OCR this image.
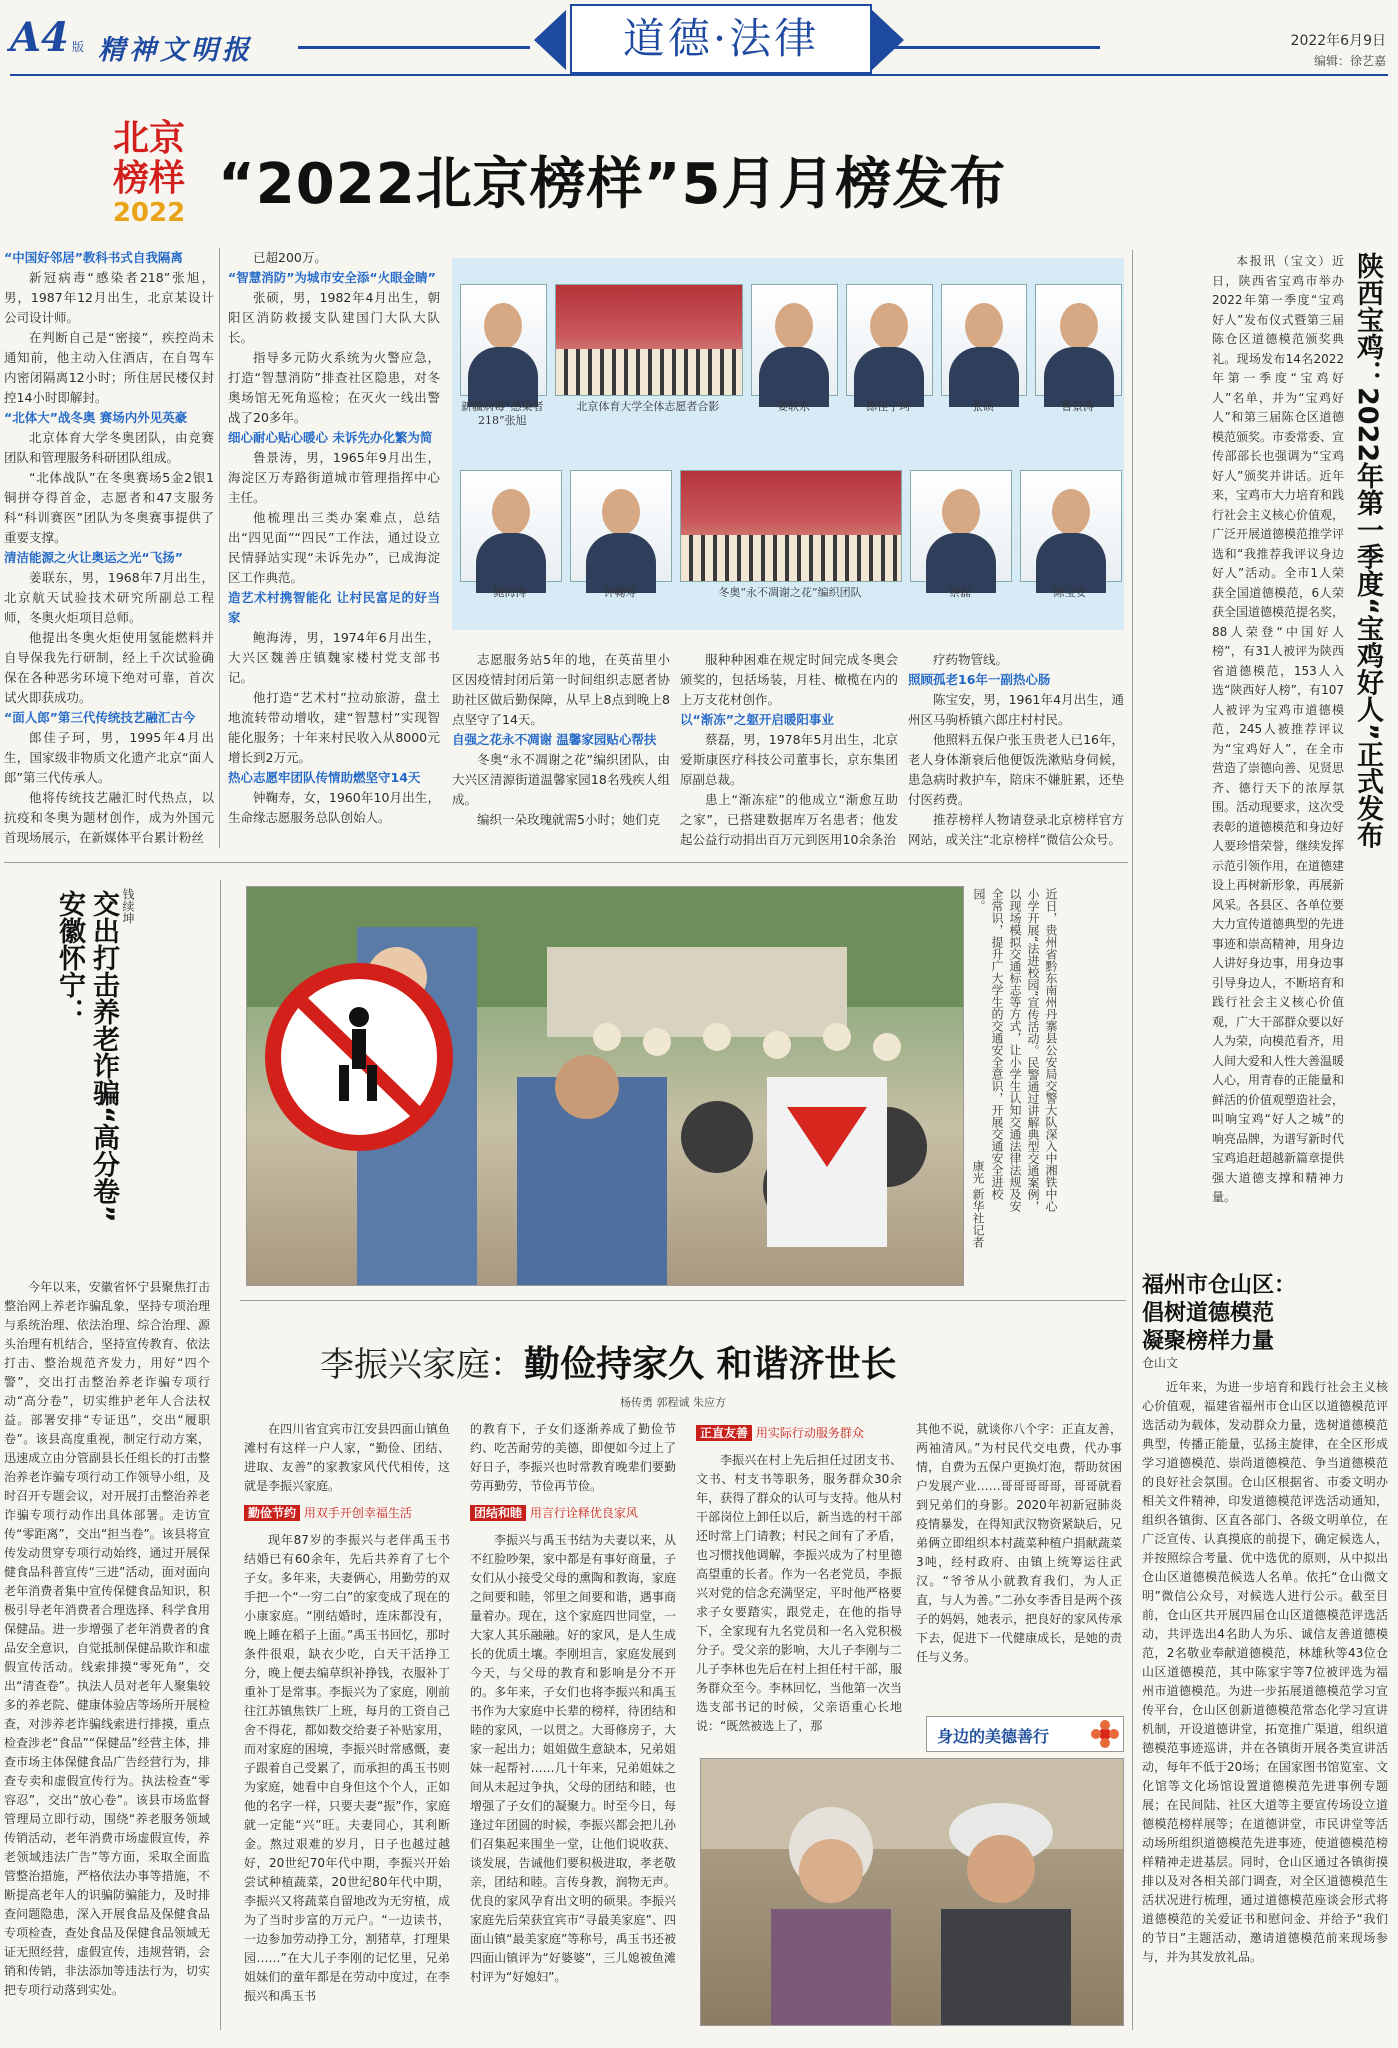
A4 版 精神文明报	道德·法律	2022年6月9日
编辑：徐艺嘉
北京
榜样
2022 “2022北京榜样”5月月榜发布

“中国好邻居”教科书式自我隔离

新冠病毒“感染者218”张旭，男，1987年12月出生，北京某设计公司设计师。

在判断自己是“密接”，疾控尚未通知前，他主动入住酒店，在自驾车内密闭隔离12小时；所住居民楼仅封控14小时即解封。

“北体大”战冬奥 赛场内外见英豪

北京体育大学冬奥团队，由竞赛团队和管理服务科研团队组成。

“北体战队”在冬奥赛场5金2银1铜拼夺得首金，志愿者和47支服务科“科训赛医”团队为冬奥赛事提供了重要支撑。

清洁能源之火让奥运之光“飞扬”

姜联东，男，1968年7月出生，北京航天试验技术研究所副总工程师，冬奥火炬项目总师。

他提出冬奥火炬使用氢能燃料并自导保我先行研制，经上千次试验确保在各种恶劣环境下绝对可靠，首次试火即获成功。

“面人郎”第三代传统技艺融汇古今

郎佳子珂，男，1995年4月出生，国家级非物质文化遗产北京“面人郎”第三代传承人。

他将传统技艺融汇时代热点，以抗疫和冬奥为题材创作，成为外国元首现场展示，在新媒体平台累计粉丝

已超200万。

“智慧消防”为城市安全添“火眼金睛”

张硕，男，1982年4月出生，朝阳区消防救援支队建国门大队大队长。

指导多元防火系统为火警应急，打造“智慧消防”排查社区隐患，对冬奥场馆无死角巡检；在灭火一线出警战了20多年。

细心耐心贴心暖心 未诉先办化繁为简

鲁景涛，男，1965年9月出生，海淀区万寿路街道城市管理指挥中心主任。

他梳理出三类办案难点，总结出“四见面”“四民”工作法，通过设立民情驿站实现“未诉先办”，已成海淀区工作典范。

造艺术村携智能化 让村民富足的好当家

鲍海涛，男，1974年6月出生，大兴区魏善庄镇魏家楼村党支部书记。

他打造“艺术村”拉动旅游，盘土地流转带动增收，建“智慧村”实现智能化服务；十年来村民收入从8000元增长到2万元。

热心志愿牢团队传情助燃坚守14天

钟鞠寿，女，1960年10月出生，生命缘志愿服务总队创始人。

新疆病毒“感染者218”张旭
北京体育大学全体志愿者合影	姜联东	郎佳子珂	张硕	鲁景涛
鲍海涛	钟鞠寿	冬奥“永不凋谢之花”编织团队	蔡磊	陈宝安

志愿服务站5年的地，在英苗里小区因疫情封闭后第一时间组织志愿者协助社区做后勤保障，从早上8点到晚上8点坚守了14天。

自强之花永不凋谢 温馨家园贴心帮扶

冬奥“永不凋谢之花”编织团队，由大兴区清源街道温馨家园18名残疾人组成。

编织一朵玫瑰就需5小时；她们克

服种种困难在规定时间完成冬奥会颁奖的，包括场装，月桂、橄榄在内的上万支花材创作。

以“渐冻”之躯开启暖阳事业

蔡磊，男，1978年5月出生，北京爱斯康医疗科技公司董事长，京东集团原副总裁。

患上“渐冻症”的他成立“渐愈互助之家”，已搭建数据库万名患者；他发起公益行动捐出百万元到医用10余条治

疗药物管线。

照顾孤老16年一副热心肠

陈宝安，男，1961年4月出生，通州区马驹桥镇六郎庄村村民。

他照料五保户张玉贵老人已16年，老人身体渐衰后他便饭洗漱贴身伺候，患急病时救护车，陪床不嫌脏累，还垫付医药费。

推荐榜样人物请登录北京榜样官方网站，或关注“北京榜样”微信公众号。	陕西宝鸡：2022年第一季度“宝鸡好人”正式发布

本报讯（宝文）近日，陕西省宝鸡市举办2022年第一季度“宝鸡好人”发布仪式暨第三届陈仓区道德模范颁奖典礼。现场发布14名2022年第一季度“宝鸡好人”名单，并为“宝鸡好人”和第三届陈仓区道德模范颁奖。市委常委、宣传部部长也强调为“宝鸡好人”颁奖并讲话。近年来，宝鸡市大力培育和践行社会主义核心价值观，广泛开展道德模范推学评选和“我推荐我评议身边好人”活动。全市1人荣获全国道德模范，6人荣获全国道德模范提名奖，88人荣登“中国好人榜”，有31人被评为陕西省道德模范，153人入选“陕西好人榜”，有107人被评为宝鸡市道德模范，245人被推荐评议为“宝鸡好人”，在全市营造了崇德向善、见贤思齐、德行天下的浓厚氛围。活动现要求，这次受表彰的道德模范和身边好人要珍惜荣誉，继续发挥示范引领作用，在道德建设上再树新形象，再展新风采。各县区、各单位要大力宣传道德典型的先进事迹和崇高精神，用身边人讲好身边事，用身边事引导身边人，不断培育和践行社会主义核心价值观，广大干部群众要以好人为荣，向模范看齐，用人间大爱和人性大善温暖人心，用青春的正能量和鲜活的价值观塑造社会，叫响宝鸡“好人之城”的响亮品牌，为谱写新时代宝鸡追赶超越新篇章提供强大道德支撑和精神力量。

钱续坤
安徽怀宁： 交出打击养老诈骗“高分卷”

今年以来，安徽省怀宁县聚焦打击整治网上养老诈骗乱象，坚持专项治理与系统治理、依法治理、综合治理、源头治理有机结合，坚持宣传教育、依法打击、整治规范齐发力，用好“四个警”，交出打击整治养老诈骗专项行动“高分卷”，切实维护老年人合法权益。部署安排“专证迅”，交出“履职卷”。该县高度重视，制定行动方案，迅速成立由分管副县长任组长的打击整治养老诈骗专项行动工作领导小组，及时召开专题会议，对开展打击整治养老诈骗专项行动作出具体部署。走访宣传“零距离”，交出“担当卷”。该县将宣传发动贯穿专项行动始终，通过开展保健食品科普宣传“三进”活动，面对面向老年消费者集中宣传保健食品知识，积极引导老年消费者合理选择、科学食用保健品。进一步增强了老年消费者的食品安全意识，自觉抵制保健品欺诈和虚假宣传活动。线索排摸“零死角”，交出“清查卷”。执法人员对老年人聚集较多的养老院、健康体验店等场所开展检查，对涉养老诈骗线索进行排摸，重点检查涉老“食品”“保健品”经营主体，排查市场主体保健食品广告经营行为，排查专卖和虚假宣传行为。执法检查“零容忍”，交出“放心卷”。该县市场监督管理局立即行动，围绕“养老服务领域传销活动，老年消费市场虚假宣传，养老领域违法广告”等方面，采取全面监管整治措施，严格依法办事等措施，不断提高老年人的识骗防骗能力，及时排查问题隐患，深入开展食品及保健食品专项检查，查处食品及保健食品领域无证无照经营，虚假宣传，违规营销，会销和传销，非法添加等违法行为，切实把专项行动落到实处。

近日，贵州省黔东南州丹寨县公安局交警大队深入中湘铁中心小学开展“法进校园”宣传活动。民警通过讲解典型交通案例，以现场模拟交通标志等方式，让小学生认知交通法律法规及安全常识，提升广大学生的交通安全意识，开展交通安全进校园。
康光 新华社记者
福州市仓山区：
倡树道德模范
凝聚榜样力量
仓山文

近年来，为进一步培育和践行社会主义核心价值观，福建省福州市仓山区以道德模范评选活动为载体，发动群众力量，选树道德模范典型，传播正能量，弘扬主旋律，在全区形成学习道德模范、崇尚道德模范、争当道德模范的良好社会氛围。仓山区根据省、市委文明办相关文件精神，印发道德模范评选活动通知，组织各镇街、区直各部门、各级文明单位，在广泛宣传、认真摸底的前提下，确定候选人，并按照综合考量、优中选优的原则，从中拟出仓山区道德模范候选人名单。依托“仓山微文明”微信公众号，对候选人进行公示。截至目前，仓山区共开展四届仓山区道德模范评选活动，共评选出4名助人为乐、诚信友善道德模范，2名敬业奉献道德模范，林雄秋等43位仓山区道德模范，其中陈家宇等7位被评选为福州市道德模范。为进一步拓展道德模范学习宣传平台，仓山区创新道德模范常态化学习宣讲机制，开设道德讲堂，拓宽推广渠道，组织道德模范事迹巡讲，并在各镇街开展各类宣讲活动，每年不低于20场；在国家图书馆览室、文化馆等文化场馆设置道德模范先进事例专题展；在民间陆、社区大道等主要宣传场设立道德模范榜样展等；在道德讲堂，市民讲堂等活动场所组织道德模范先进事迹，使道德模范榜样精神走进基层。同时，仓山区通过各镇街摸排以及对各相关部门调查，对全区道德模范生活状况进行梳理，通过道德模范座谈会形式将道德模范的关爱证书和慰问金、并给予“我们的节日”主题活动，邀请道德模范前来现场参与，并为其发放礼品。

李振兴家庭：勤俭持家久 和谐济世长
杨传勇 郭程诚 朱应方

在四川省宜宾市江安县四面山镇鱼滩村有这样一户人家，“勤俭、团结、进取、友善”的家教家风代代相传，这就是李振兴家庭。

勤俭节约 用双手开创幸福生活

现年87岁的李振兴与老伴禹玉书结婚已有60余年，先后共养育了七个子女。多年来，夫妻俩心，用勤劳的双手把一个“一穷二白”的家变成了现在的小康家庭。“刚结婚时，连床都没有，晚上睡在稻子上面。”禹玉书回忆，那时条件很艰，缺衣少吃，白天干活挣工分，晚上便去编草织补挣钱，衣服补丁重补丁是常事。李振兴为了家庭，刚前往江苏镇焦铁厂上班，每月的工资自己舍不得花，都如数交给妻子补贴家用，而对家庭的困境，李振兴时常感慨，妻子跟着自己受累了，而承担的禹玉书则为家庭，她看中自身但这个个人，正如他的名字一样，只要夫妻“振”作，家庭就一定能“兴”旺。夫妻同心，其利断金。熬过艰难的岁月，日子也越过越好，20世纪70年代中期，李振兴开始尝试种植蔬菜，20世纪80年代中期，李振兴又将蔬菜自留地改为无穷植，成为了当时步富的万元户。“一边读书，一边参加劳动挣工分，割猪草，打理果园……”在大儿子李刚的记忆里，兄弟姐妹们的童年都是在劳动中度过，在李振兴和禹玉书

的教育下，子女们逐渐养成了勤俭节约、吃苦耐劳的美德，即便如今过上了好日子，李振兴也时常教育晚辈们要勤劳再勤劳，节俭再节俭。

团结和睦 用言行诠释优良家风

李振兴与禹玉书结为夫妻以来，从不红脸吵架，家中都是有事好商量，子女们从小接受父母的熏陶和教诲，家庭之间要和睦，邻里之间要和谐，遇事商量着办。现在，这个家庭四世同堂，一大家人其乐融融。好的家风，是人生成长的优质土壤。李刚坦言，家庭发展到今天，与父母的教育和影响是分不开的。多年来，子女们也将李振兴和禹玉书作为大家庭中长辈的榜样，待团结和睦的家风，一以贯之。大哥修房子，大家一起出力；姐姐做生意缺本，兄弟姐妹一起帮衬……几十年来，兄弟姐妹之间从未起过争执，父母的团结和睦，也增强了子女们的凝聚力。时至今日，每逢过年团圆的时候，李振兴都会把儿孙们召集起来围坐一堂，让他们说收获、谈发展，告诫他们要积极进取，孝老敬亲，团结和睦。言传身教，润物无声。优良的家风孕育出文明的硕果。李振兴家庭先后荣获宜宾市“寻最美家庭”、四面山镇“最美家庭”等称号，禹玉书还被四面山镇评为“好婆婆”，三儿媳被鱼滩村评为“好媳妇”。

正直友善 用实际行动服务群众

李振兴在村上先后担任过团支书、文书、村支书等职务，服务群众30余年，获得了群众的认可与支持。他从村干部岗位上卸任以后，新当选的村干部还时常上门请教；村民之间有了矛盾，也习惯找他调解，李振兴成为了村里德高望重的长者。作为一名老党员，李振兴对党的信念充满坚定，平时他严格要求子女要踏实，跟党走，在他的指导下，全家现有九名党员和一名入党积极分子。受父亲的影响，大儿子李刚与二儿子李林也先后在村上担任村干部，服务群众至今。李林回忆，当他第一次当选支部书记的时候，父亲语重心长地说：“既然被选上了，那

其他不说，就谈你八个字：正直友善，两袖清风。”为村民代交电费，代办事情，自费为五保户更换灯泡，帮助贫困户发展产业……哥哥哥哥哥，哥哥就看到兄弟们的身影。2020年初新冠肺炎疫情暴发，在得知武汉物资紧缺后，兄弟俩立即组织本村蔬菜种植户捐献蔬菜3吨，经村政府、由镇上统筹运往武汉。“爷爷从小就教育我们，为人正直，与人为善。”二孙女李香目是两个孩子的妈妈，她表示，把良好的家风传承下去，促进下一代健康成长，是她的责任与义务。

身边的美德善行
